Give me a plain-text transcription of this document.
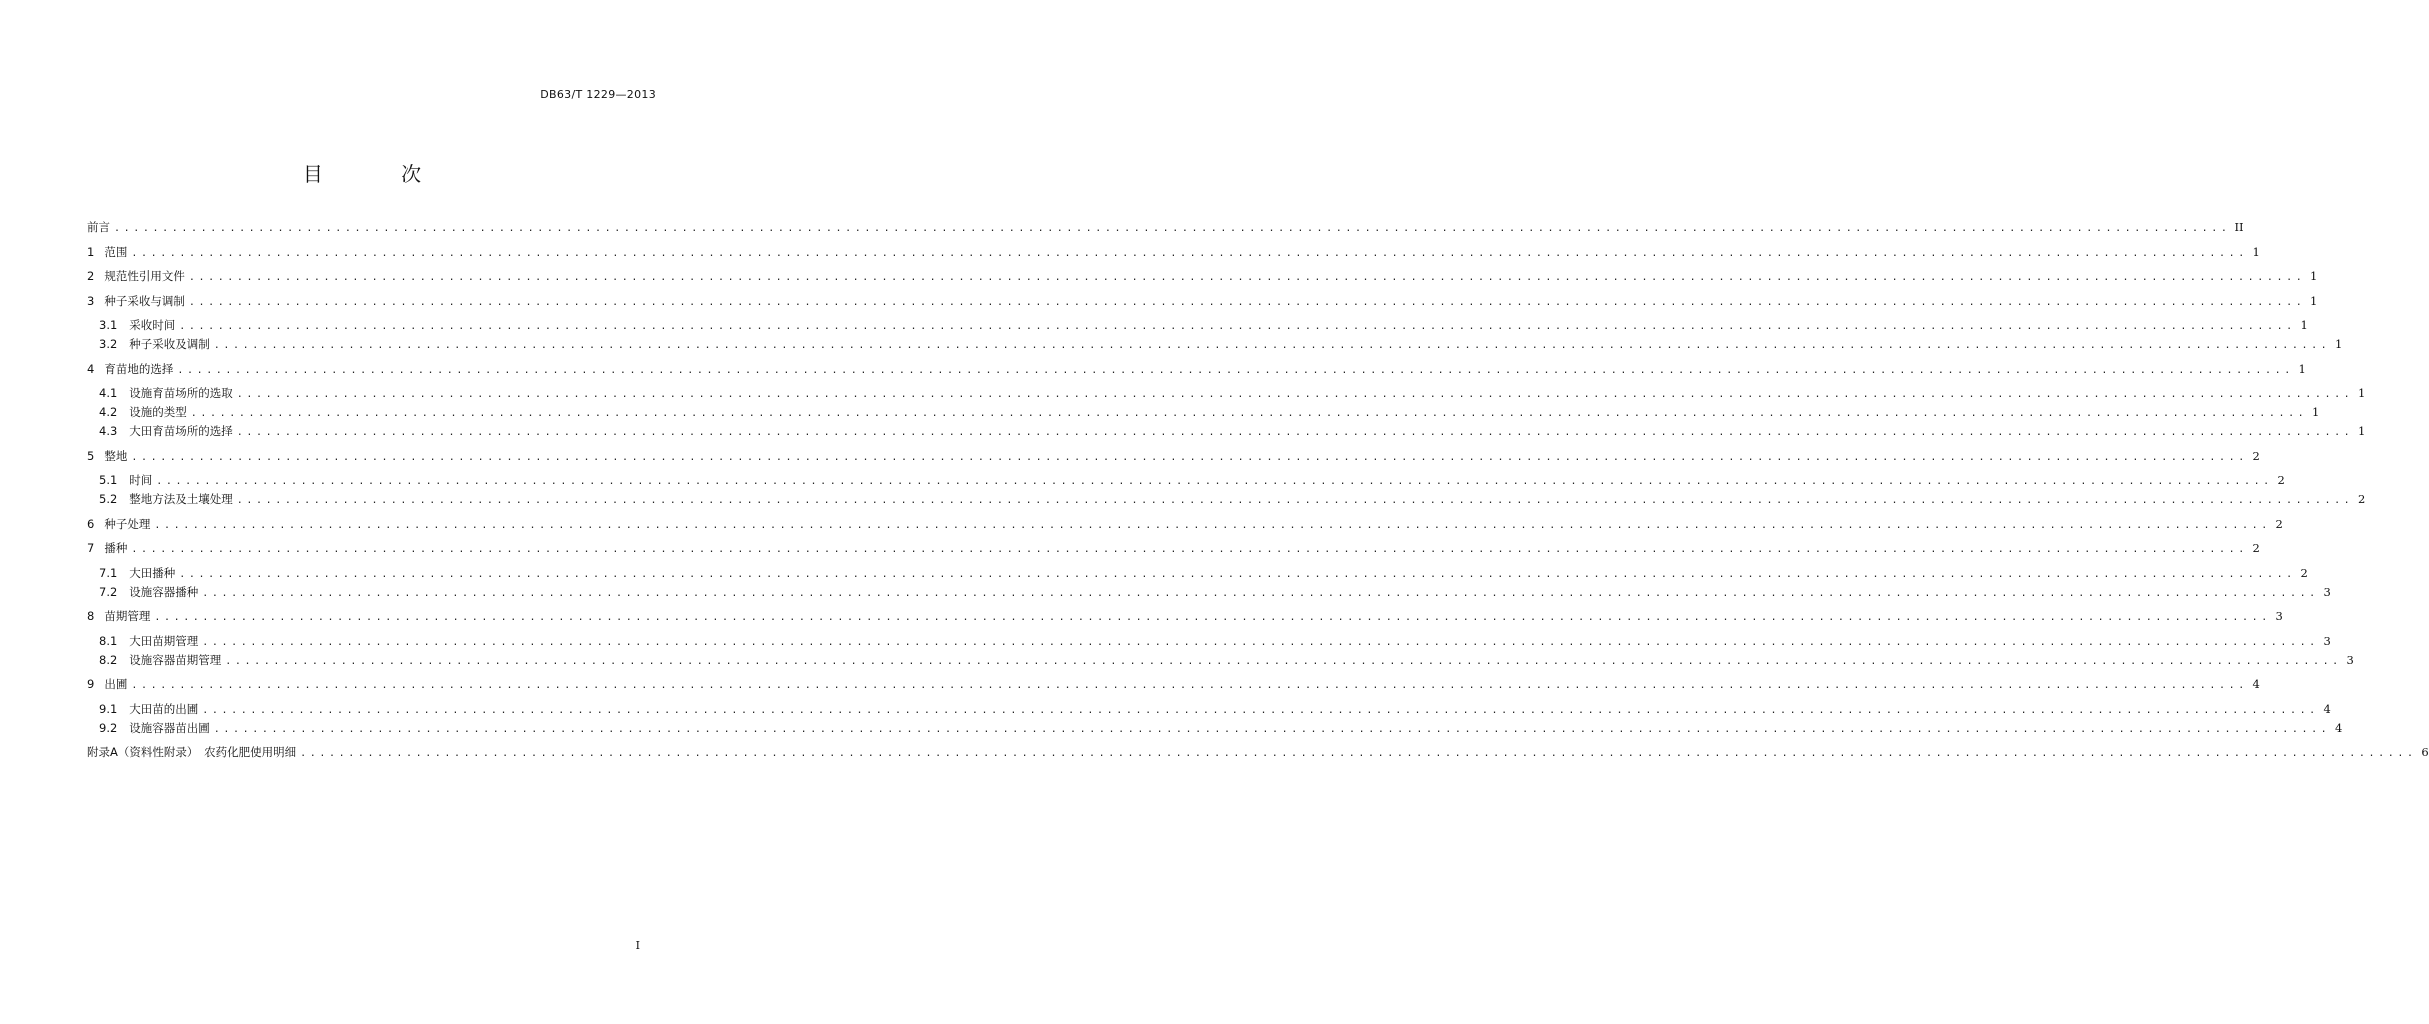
DB63/T 1229—2013
目 次
前言 ............................................................................................................................................................................................................................ II
1 范围 ............................................................................................................................................................................................................................ 1
2 规范性引用文件 ............................................................................................................................................................................................................................ 1
3 种子采收与调制 ............................................................................................................................................................................................................................ 1
3.1 采收时间 ............................................................................................................................................................................................................................ 1
3.2 种子采收及调制 ............................................................................................................................................................................................................................ 1
4 育苗地的选择 ............................................................................................................................................................................................................................ 1
4.1 设施育苗场所的选取 ............................................................................................................................................................................................................................ 1
4.2 设施的类型 ............................................................................................................................................................................................................................ 1
4.3 大田育苗场所的选择 ............................................................................................................................................................................................................................ 1
5 整地 ............................................................................................................................................................................................................................ 2
5.1 时间 ............................................................................................................................................................................................................................ 2
5.2 整地方法及土壤处理 ............................................................................................................................................................................................................................ 2
6 种子处理 ............................................................................................................................................................................................................................ 2
7 播种 ............................................................................................................................................................................................................................ 2
7.1 大田播种 ............................................................................................................................................................................................................................ 2
7.2 设施容器播种 ............................................................................................................................................................................................................................ 3
8 苗期管理 ............................................................................................................................................................................................................................ 3
8.1 大田苗期管理 ............................................................................................................................................................................................................................ 3
8.2 设施容器苗期管理 ............................................................................................................................................................................................................................ 3
9 出圃 ............................................................................................................................................................................................................................ 4
9.1 大田苗的出圃 ............................................................................................................................................................................................................................ 4
9.2 设施容器苗出圃 ............................................................................................................................................................................................................................ 4
附录A（资料性附录）　农药化肥使用明细 ............................................................................................................................................................................................................................ 6
I
